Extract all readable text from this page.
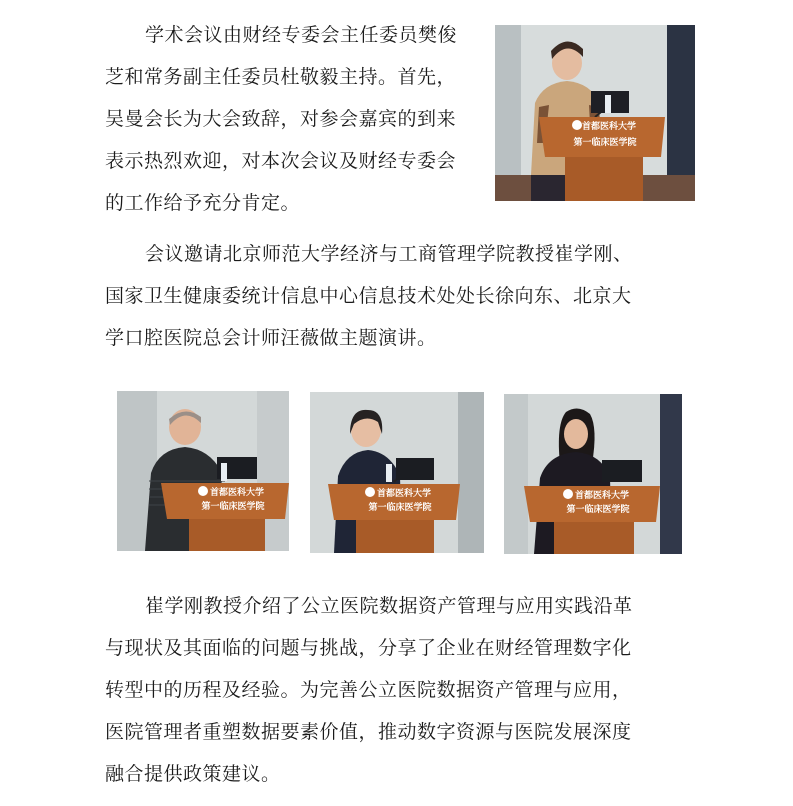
学术会议由财经专委会主任委员樊俊
芝和常务副主任委员杜敬毅主持。首先，
吴曼会长为大会致辞，对参会嘉宾的到来
表示热烈欢迎，对本次会议及财经专委会
的工作给予充分肯定。
首都医科大学
第一临床医学院
会议邀请北京师范大学经济与工商管理学院教授崔学刚、
国家卫生健康委统计信息中心信息技术处处长徐向东、北京大
学口腔医院总会计师汪薇做主题演讲。
首都医科大学
第一临床医学院
首都医科大学
第一临床医学院
首都医科大学
第一临床医学院
崔学刚教授介绍了公立医院数据资产管理与应用实践沿革
与现状及其面临的问题与挑战，分享了企业在财经管理数字化
转型中的历程及经验。为完善公立医院数据资产管理与应用，
医院管理者重塑数据要素价值，推动数字资源与医院发展深度
融合提供政策建议。
